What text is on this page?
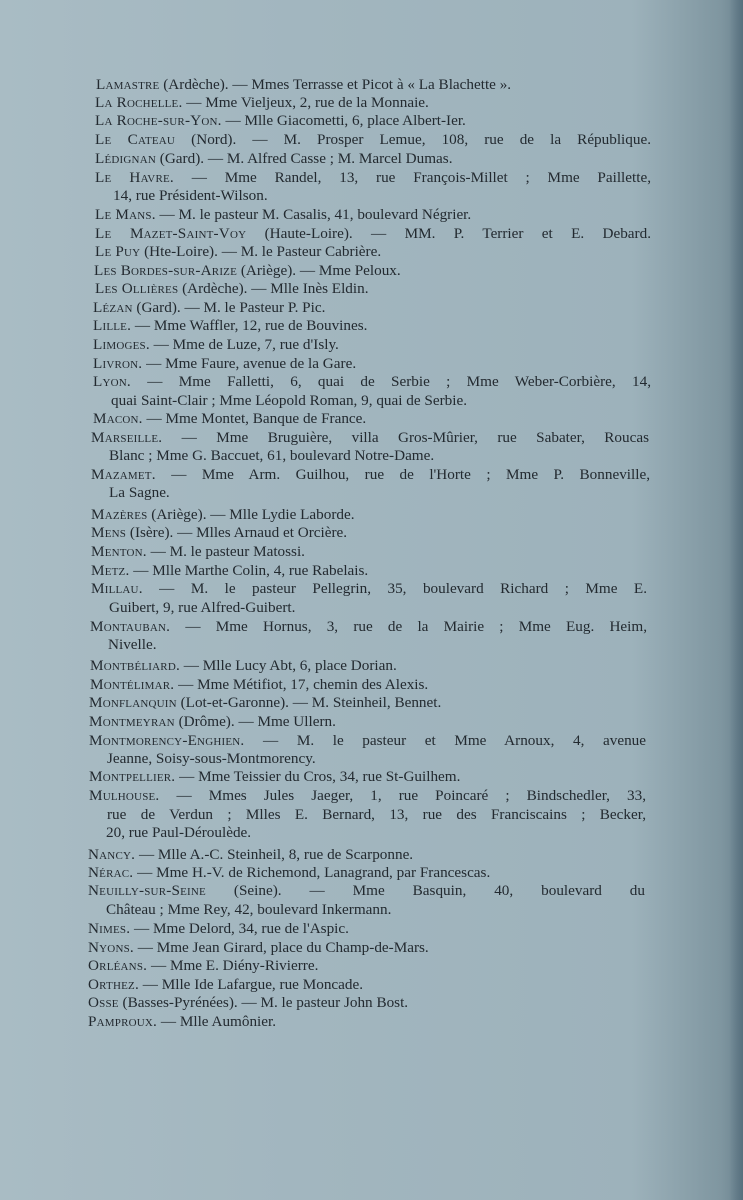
Lamastre (Ardèche). — Mmes Terrasse et Picot à « La Blachette ».
La Rochelle. — Mme Vieljeux, 2, rue de la Monnaie.
La Roche-sur-Yon. — Mlle Giacometti, 6, place Albert-Ier.
Le Cateau (Nord). — M. Prosper Lemue, 108, rue de la République.
Lédignan (Gard). — M. Alfred Casse ; M. Marcel Dumas.
Le Havre. — Mme Randel, 13, rue François-Millet ; Mme Paillette,
14, rue Président-Wilson.
Le Mans. — M. le pasteur M. Casalis, 41, boulevard Négrier.
Le Mazet-Saint-Voy (Haute-Loire). — MM. P. Terrier et E. Debard.
Le Puy (Hte-Loire). — M. le Pasteur Cabrière.
Les Bordes-sur-Arize (Ariège). — Mme Peloux.
Les Ollières (Ardèche). — Mlle Inès Eldin.
Lézan (Gard). — M. le Pasteur P. Pic.
Lille. — Mme Waffler, 12, rue de Bouvines.
Limoges. — Mme de Luze, 7, rue d'Isly.
Livron. — Mme Faure, avenue de la Gare.
Lyon. — Mme Falletti, 6, quai de Serbie ; Mme Weber-Corbière, 14,
quai Saint-Clair ; Mme Léopold Roman, 9, quai de Serbie.
Macon. — Mme Montet, Banque de France.
Marseille. — Mme Bruguière, villa Gros-Mûrier, rue Sabater, Roucas
Blanc ; Mme G. Baccuet, 61, boulevard Notre-Dame.
Mazamet. — Mme Arm. Guilhou, rue de l'Horte ; Mme P. Bonneville,
La Sagne.
Mazères (Ariège). — Mlle Lydie Laborde.
Mens (Isère). — Mlles Arnaud et Orcière.
Menton. — M. le pasteur Matossi.
Metz. — Mlle Marthe Colin, 4, rue Rabelais.
Millau. — M. le pasteur Pellegrin, 35, boulevard Richard ; Mme E.
Guibert, 9, rue Alfred-Guibert.
Montauban. — Mme Hornus, 3, rue de la Mairie ; Mme Eug. Heim,
Nivelle.
Montbéliard. — Mlle Lucy Abt, 6, place Dorian.
Montélimar. — Mme Métifiot, 17, chemin des Alexis.
Monflanquin (Lot-et-Garonne). — M. Steinheil, Bennet.
Montmeyran (Drôme). — Mme Ullern.
Montmorency-Enghien. — M. le pasteur et Mme Arnoux, 4, avenue
Jeanne, Soisy-sous-Montmorency.
Montpellier. — Mme Teissier du Cros, 34, rue St-Guilhem.
Mulhouse. — Mmes Jules Jaeger, 1, rue Poincaré ; Bindschedler, 33,
rue de Verdun ; Mlles E. Bernard, 13, rue des Franciscains ; Becker,
20, rue Paul-Déroulède.
Nancy. — Mlle A.-C. Steinheil, 8, rue de Scarponne.
Nérac. — Mme H.-V. de Richemond, Lanagrand, par Francescas.
Neuilly-sur-Seine (Seine). — Mme Basquin, 40, boulevard du
Château ; Mme Rey, 42, boulevard Inkermann.
Nimes. — Mme Delord, 34, rue de l'Aspic.
Nyons. — Mme Jean Girard, place du Champ-de-Mars.
Orléans. — Mme E. Diény-Rivierre.
Orthez. — Mlle Ide Lafargue, rue Moncade.
Osse (Basses-Pyrénées). — M. le pasteur John Bost.
Pamproux. — Mlle Aumônier.
